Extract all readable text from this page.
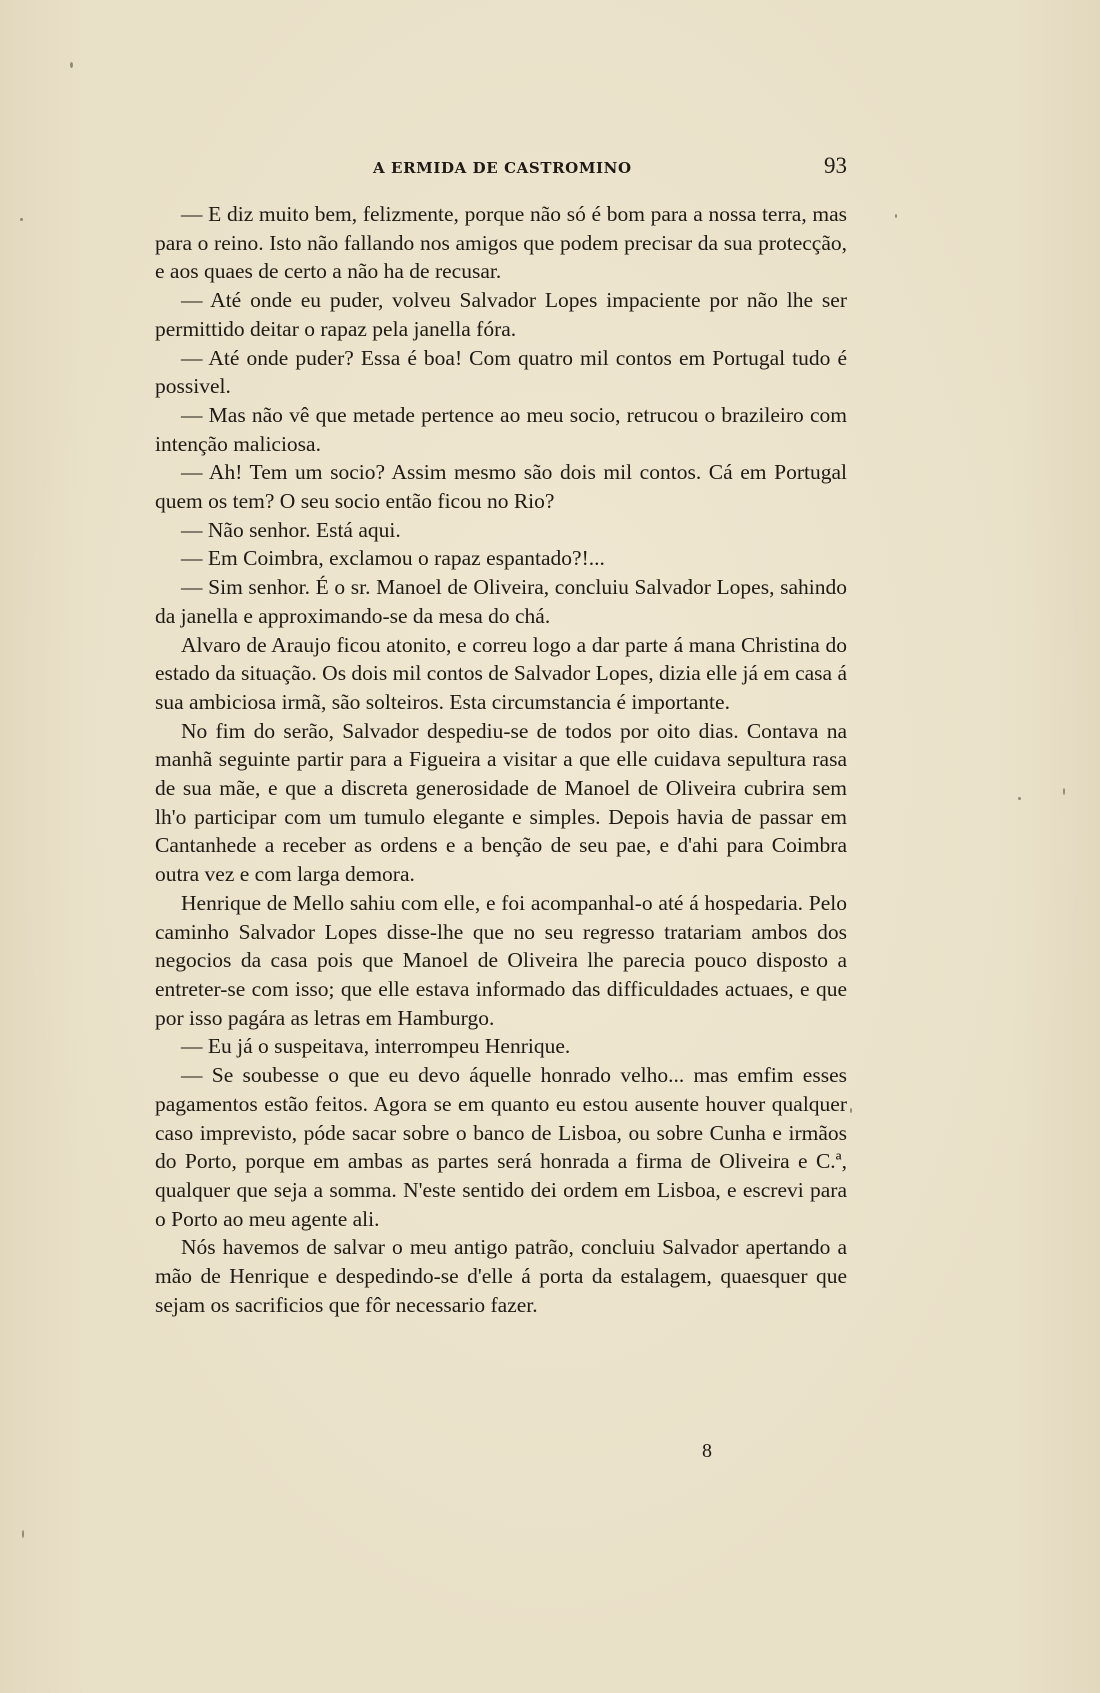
A ERMIDA DE CASTROMINO	93

— E diz muito bem, felizmente, porque não só é bom para a nossa terra, mas para o reino. Isto não fallando nos amigos que podem precisar da sua protecção, e aos quaes de certo a não ha de recusar.

— Até onde eu puder, volveu Salvador Lopes impaciente por não lhe ser permittido deitar o rapaz pela janella fóra.

— Até onde puder? Essa é boa! Com quatro mil contos em Portugal tudo é possivel.

— Mas não vê que metade pertence ao meu socio, retrucou o brazileiro com intenção maliciosa.

— Ah! Tem um socio? Assim mesmo são dois mil contos. Cá em Portugal quem os tem? O seu socio então ficou no Rio?

— Não senhor. Está aqui.

— Em Coimbra, exclamou o rapaz espantado?!...

— Sim senhor. É o sr. Manoel de Oliveira, concluiu Salvador Lopes, sahindo da janella e approximando-se da mesa do chá.

Alvaro de Araujo ficou atonito, e correu logo a dar parte á mana Christina do estado da situação. Os dois mil contos de Salvador Lopes, dizia elle já em casa á sua ambiciosa irmã, são solteiros. Esta circumstancia é importante.

No fim do serão, Salvador despediu-se de todos por oito dias. Contava na manhã seguinte partir para a Figueira a visitar a que elle cuidava sepultura rasa de sua mãe, e que a discreta generosidade de Manoel de Oliveira cubrira sem lh'o participar com um tumulo elegante e simples. Depois havia de passar em Cantanhede a receber as ordens e a benção de seu pae, e d'ahi para Coimbra outra vez e com larga demora.

Henrique de Mello sahiu com elle, e foi acompanhal-o até á hospedaria. Pelo caminho Salvador Lopes disse-lhe que no seu regresso tratariam ambos dos negocios da casa pois que Manoel de Oliveira lhe parecia pouco disposto a entreter-se com isso; que elle estava informado das difficuldades actuaes, e que por isso pagára as letras em Hamburgo.

— Eu já o suspeitava, interrompeu Henrique.

— Se soubesse o que eu devo áquelle honrado velho... mas emfim esses pagamentos estão feitos. Agora se em quanto eu estou ausente houver qualquer caso imprevisto, póde sacar sobre o banco de Lisboa, ou sobre Cunha e irmãos do Porto, porque em ambas as partes será honrada a firma de Oliveira e C.ª, qualquer que seja a somma. N'este sentido dei ordem em Lisboa, e escrevi para o Porto ao meu agente ali.

Nós havemos de salvar o meu antigo patrão, concluiu Salvador apertando a mão de Henrique e despedindo-se d'elle á porta da estalagem, quaesquer que sejam os sacrificios que fôr necessario fazer.

8
